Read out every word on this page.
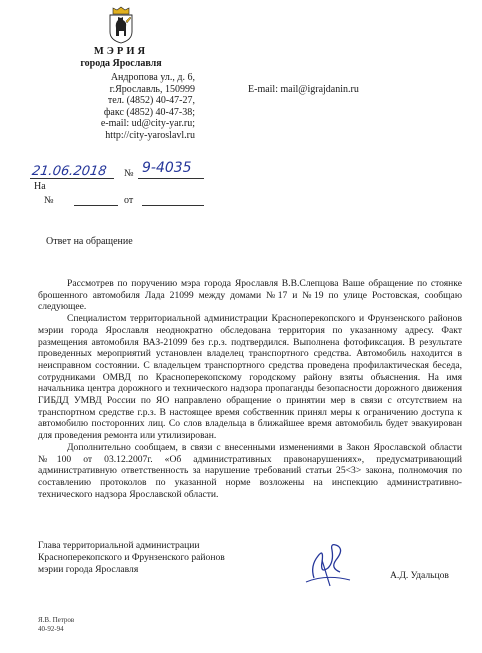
МЭРИЯ
города Ярославля
Андропова ул., д. 6,
г.Ярославль, 150999
тел. (4852) 40-47-27,
факс (4852) 40-47-38;
e-mail: ud@city-yar.ru;
http://city-yaroslavl.ru
E-mail: mail@igrajdanin.ru
21.06.2018 № 9-4035
На
№	от
Ответ на обращение

Рассмотрев по поручению мэра города Ярославля В.В.Слепцова Ваше обращение по стоянке брошенного автомобиля Лада 21099 между домами №17 и №19 по улице Ростовская, сообщаю следующее.

Специалистом территориальной администрации Красноперекопского и Фрунзенского районов мэрии города Ярославля неоднократно обследована территория по указанному адресу. Факт размещения автомобиля ВАЗ-21099 без г.р.з. подтвердился. Выполнена фотофиксация. В результате проведенных мероприятий установлен владелец транспортного средства. Автомобиль находится в неисправном состоянии. С владельцем транспортного средства проведена профилактическая беседа, сотрудниками ОМВД по Красноперекопскому городскому району взяты объяснения. На имя начальника центра дорожного и технического надзора пропаганды безопасности дорожного движения ГИБДД УМВД России по ЯО направлено обращение о принятии мер в связи с отсутствием на транспортном средстве г.р.з. В настоящее время собственник принял меры к ограничению доступа к автомобилю посторонних лиц. Со слов владельца в ближайшее время автомобиль будет эвакуирован для проведения ремонта или утилизирован.

Дополнительно сообщаем, в связи с внесенными изменениями в Закон Ярославской области №100 от 03.12.2007г. «Об административных правонарушениях», предусматривающий административную ответственность за нарушение требований статьи 25<3> закона, полномочия по составлению протоколов по указанной норме возложены на инспекцию административно-технического надзора Ярославской области.

Глава территориальной администрации
Красноперекопского и Фрунзенского районов
мэрии города Ярославля
А.Д. Удальцов
Я.В. Петров
40-92-94
